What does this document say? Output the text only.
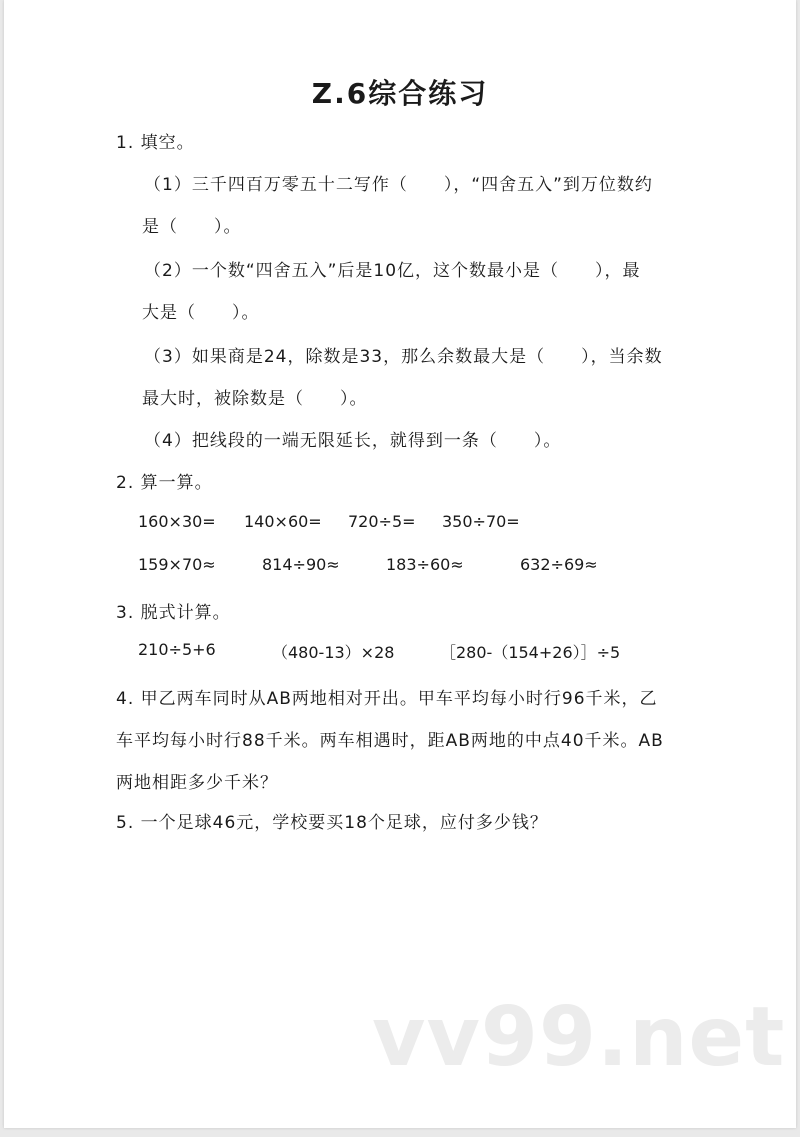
Z.6综合练习
1. 填空。
（1）三千四百万零五十二写作（　　），“四舍五入”到万位数约
是（　　）。
（2）一个数“四舍五入”后是10亿，这个数最小是（　　），最
大是（　　）。
（3）如果商是24，除数是33，那么余数最大是（　　），当余数
最大时，被除数是（　　）。
（4）把线段的一端无限延长，就得到一条（　　）。
2. 算一算。
160×30= 140×60= 720÷5= 350÷70=
159×70≈	814÷90≈	183÷60≈	632÷69≈
3. 脱式计算。
210÷5+6	（480-13）×28	［280-（154+26）］÷5
4. 甲乙两车同时从AB两地相对开出。甲车平均每小时行96千米，乙
车平均每小时行88千米。两车相遇时，距AB两地的中点40千米。AB
两地相距多少千米？
5. 一个足球46元，学校要买18个足球，应付多少钱？
vv99.net
